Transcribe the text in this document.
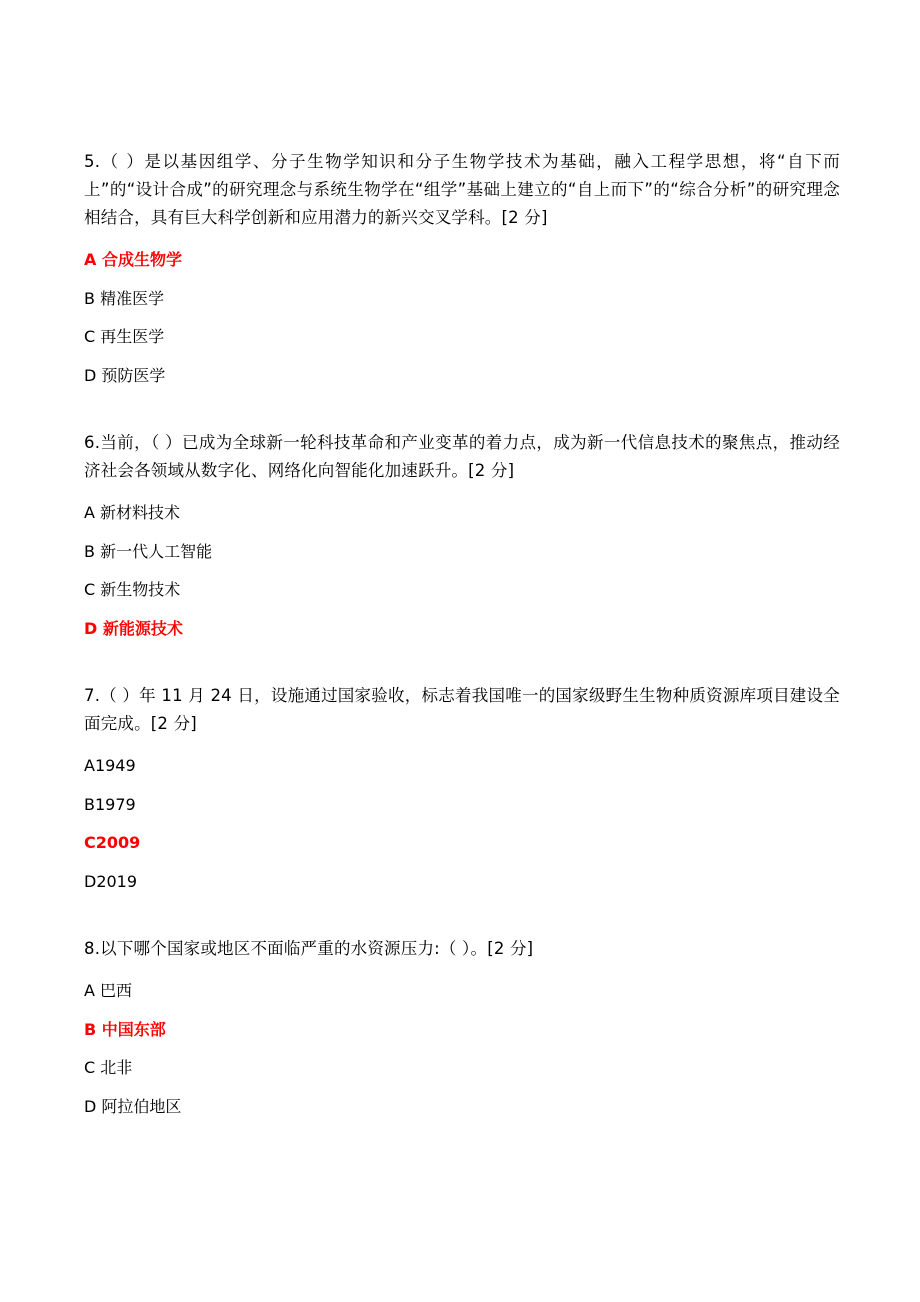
5.（ ）是以基因组学、分子生物学知识和分子生物学技术为基础，融入工程学思想，将“自下而上”的“设计合成”的研究理念与系统生物学在“组学”基础上建立的“自上而下”的“综合分析”的研究理念相结合，具有巨大科学创新和应用潜力的新兴交叉学科。[2 分]

A 合成生物学

B 精准医学

C 再生医学

D 预防医学

6.当前，（ ）已成为全球新一轮科技革命和产业变革的着力点，成为新一代信息技术的聚焦点，推动经济社会各领域从数字化、网络化向智能化加速跃升。[2 分]

A 新材料技术

B 新一代人工智能

C 新生物技术

D 新能源技术

7.（ ）年 11 月 24 日，设施通过国家验收，标志着我国唯一的国家级野生生物种质资源库项目建设全面完成。[2 分]

A1949

B1979

C2009

D2019

8.以下哪个国家或地区不面临严重的水资源压力:（ ）。[2 分]

A 巴西

B 中国东部

C 北非

D 阿拉伯地区
